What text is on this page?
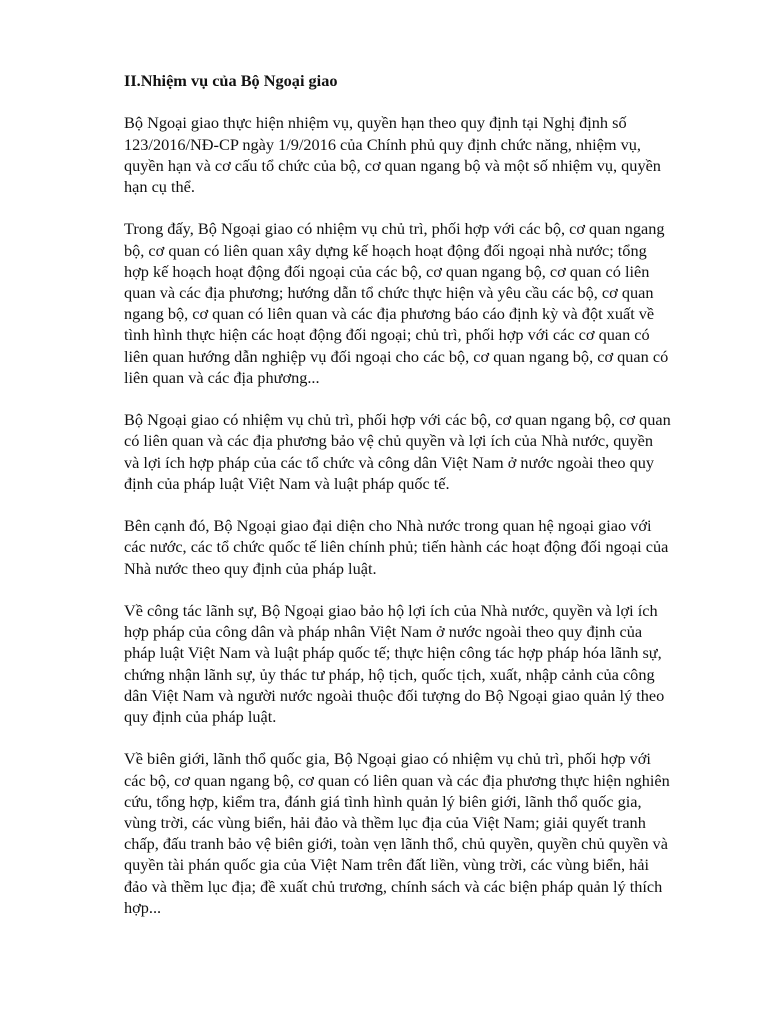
II.Nhiệm vụ của Bộ Ngoại giao
Bộ Ngoại giao thực hiện nhiệm vụ, quyền hạn theo quy định tại Nghị định số
123/2016/NĐ-CP ngày 1/9/2016 của Chính phủ quy định chức năng, nhiệm vụ,
quyền hạn và cơ cấu tổ chức của bộ, cơ quan ngang bộ và một số nhiệm vụ, quyền
hạn cụ thể.
Trong đấy, Bộ Ngoại giao có nhiệm vụ chủ trì, phối hợp với các bộ, cơ quan ngang
bộ, cơ quan có liên quan xây dựng kế hoạch hoạt động đối ngoại nhà nước; tổng
hợp kế hoạch hoạt động đối ngoại của các bộ, cơ quan ngang bộ, cơ quan có liên
quan và các địa phương; hướng dẫn tổ chức thực hiện và yêu cầu các bộ, cơ quan
ngang bộ, cơ quan có liên quan và các địa phương báo cáo định kỳ và đột xuất về
tình hình thực hiện các hoạt động đối ngoại; chủ trì, phối hợp với các cơ quan có
liên quan hướng dẫn nghiệp vụ đối ngoại cho các bộ, cơ quan ngang bộ, cơ quan có
liên quan và các địa phương...
Bộ Ngoại giao có nhiệm vụ chủ trì, phối hợp với các bộ, cơ quan ngang bộ, cơ quan
có liên quan và các địa phương bảo vệ chủ quyền và lợi ích của Nhà nước, quyền
và lợi ích hợp pháp của các tổ chức và công dân Việt Nam ở nước ngoài theo quy
định của pháp luật Việt Nam và luật pháp quốc tế.
Bên cạnh đó, Bộ Ngoại giao đại diện cho Nhà nước trong quan hệ ngoại giao với
các nước, các tổ chức quốc tế liên chính phủ; tiến hành các hoạt động đối ngoại của
Nhà nước theo quy định của pháp luật.
Về công tác lãnh sự, Bộ Ngoại giao bảo hộ lợi ích của Nhà nước, quyền và lợi ích
hợp pháp của công dân và pháp nhân Việt Nam ở nước ngoài theo quy định của
pháp luật Việt Nam và luật pháp quốc tế; thực hiện công tác hợp pháp hóa lãnh sự,
chứng nhận lãnh sự, ủy thác tư pháp, hộ tịch, quốc tịch, xuất, nhập cảnh của công
dân Việt Nam và người nước ngoài thuộc đối tượng do Bộ Ngoại giao quản lý theo
quy định của pháp luật.
Về biên giới, lãnh thổ quốc gia, Bộ Ngoại giao có nhiệm vụ chủ trì, phối hợp với
các bộ, cơ quan ngang bộ, cơ quan có liên quan và các địa phương thực hiện nghiên
cứu, tổng hợp, kiểm tra, đánh giá tình hình quản lý biên giới, lãnh thổ quốc gia,
vùng trời, các vùng biển, hải đảo và thềm lục địa của Việt Nam; giải quyết tranh
chấp, đấu tranh bảo vệ biên giới, toàn vẹn lãnh thổ, chủ quyền, quyền chủ quyền và
quyền tài phán quốc gia của Việt Nam trên đất liền, vùng trời, các vùng biển, hải
đảo và thềm lục địa; đề xuất chủ trương, chính sách và các biện pháp quản lý thích
hợp...
